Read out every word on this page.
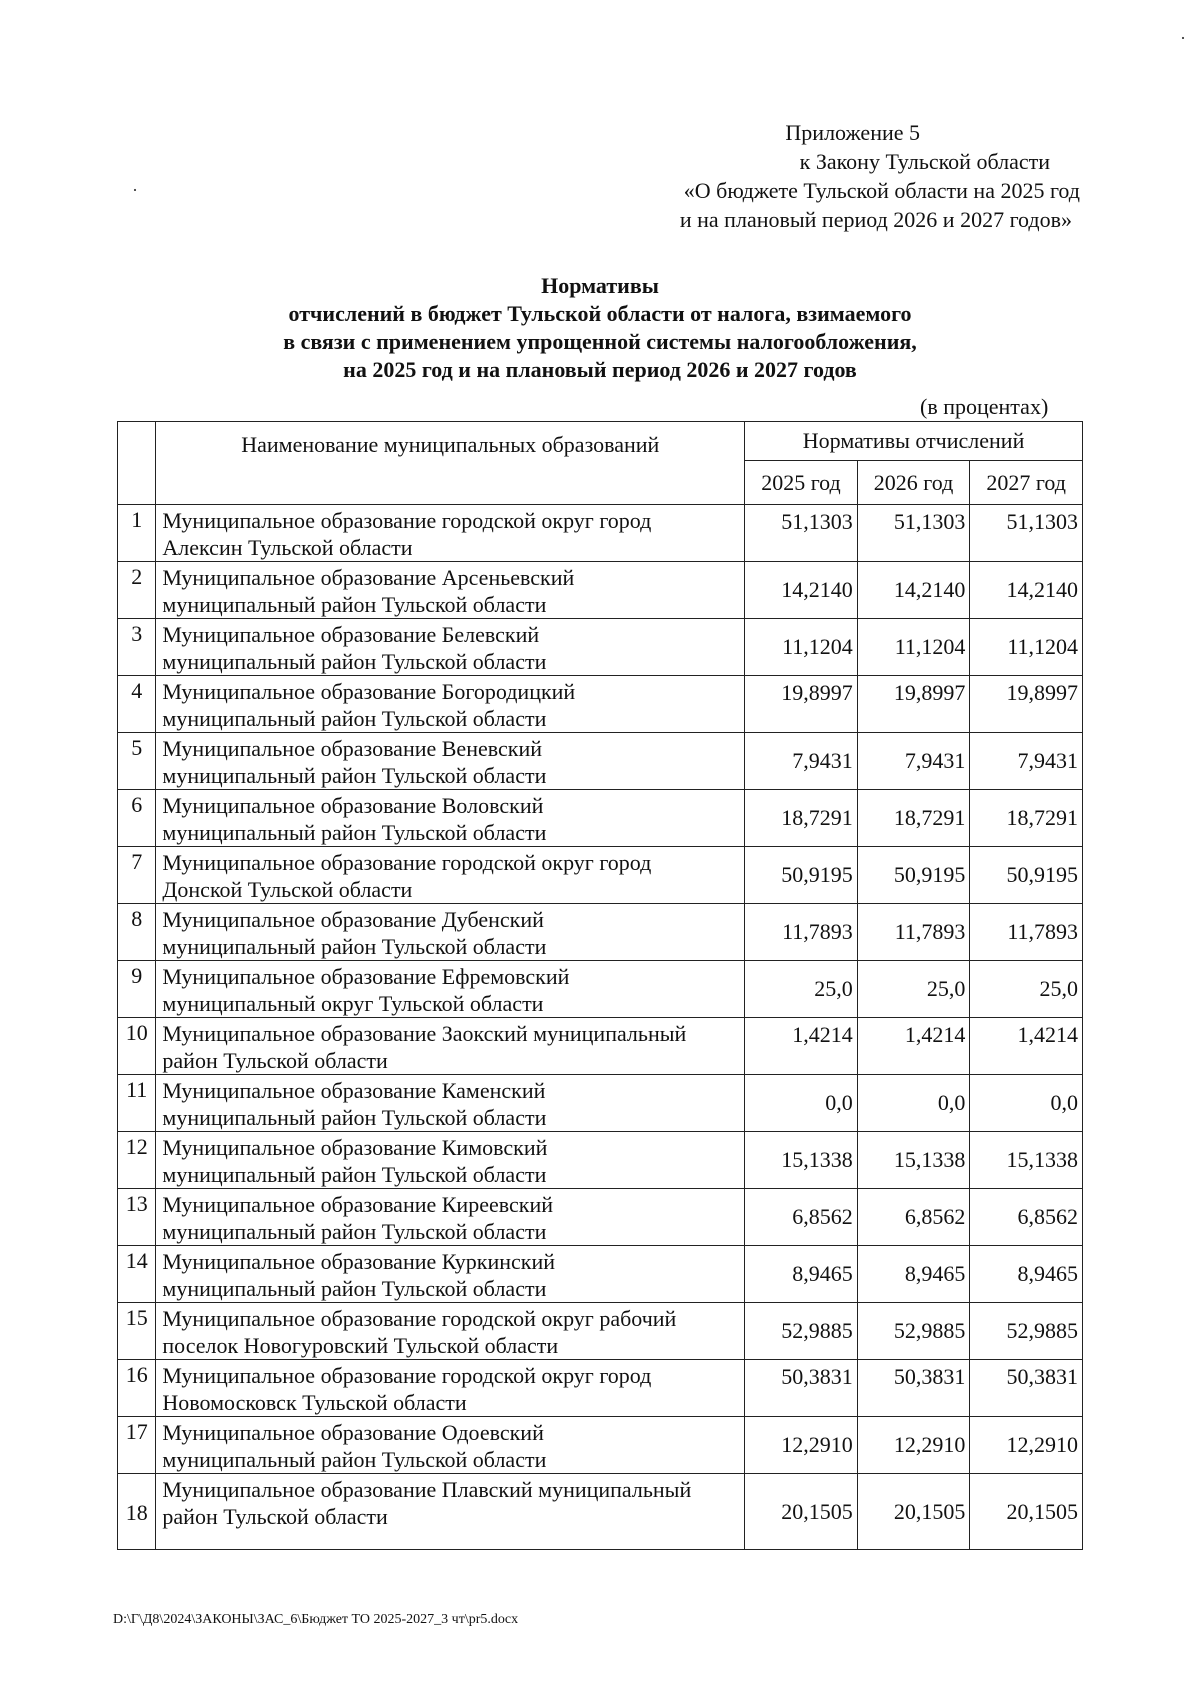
·
·
Приложение 5
к Закону Тульской области
«О бюджете Тульской области на 2025 год
и на плановый период 2026 и 2027 годов»
Нормативы
отчислений в бюджет Тульской области от налога, взимаемого
в связи с применением упрощенной системы налогообложения,
на 2025 год и на плановый период 2026 и 2027 годов
(в процентах)
	Наименование муниципальных образований	Нормативы отчислений		
		2025 год	2026 год	2027 год
1	Муниципальное образование городской округ город
Алексин Тульской области	51,1303	51,1303	51,1303
2	Муниципальное образование Арсеньевский
муниципальный район Тульской области	14,2140	14,2140	14,2140
3	Муниципальное образование Белевский
муниципальный район Тульской области	11,1204	11,1204	11,1204
4	Муниципальное образование Богородицкий
муниципальный район Тульской области	19,8997	19,8997	19,8997
5	Муниципальное образование Веневский
муниципальный район Тульской области	7,9431	7,9431	7,9431
6	Муниципальное образование Воловский
муниципальный район Тульской области	18,7291	18,7291	18,7291
7	Муниципальное образование городской округ город
Донской Тульской области	50,9195	50,9195	50,9195
8	Муниципальное образование Дубенский
муниципальный район Тульской области	11,7893	11,7893	11,7893
9	Муниципальное образование Ефремовский
муниципальный округ Тульской области	25,0	25,0	25,0
10	Муниципальное образование Заокский муниципальный
район Тульской области	1,4214	1,4214	1,4214
11	Муниципальное образование Каменский
муниципальный район Тульской области	0,0	0,0	0,0
12	Муниципальное образование Кимовский
муниципальный район Тульской области	15,1338	15,1338	15,1338
13	Муниципальное образование Киреевский
муниципальный район Тульской области	6,8562	6,8562	6,8562
14	Муниципальное образование Куркинский
муниципальный район Тульской области	8,9465	8,9465	8,9465
15	Муниципальное образование городской округ рабочий
поселок Новогуровский Тульской области	52,9885	52,9885	52,9885
16	Муниципальное образование городской округ город
Новомосковск Тульской области	50,3831	50,3831	50,3831
17	Муниципальное образование Одоевский
муниципальный район Тульской области	12,2910	12,2910	12,2910
18	Муниципальное образование Плавский муниципальный
район Тульской области	20,1505	20,1505	20,1505
D:\Г\Д8\2024\ЗАКОНЫ\ЗАС_6\Бюджет ТО 2025-2027_3 чт\pr5.docx
